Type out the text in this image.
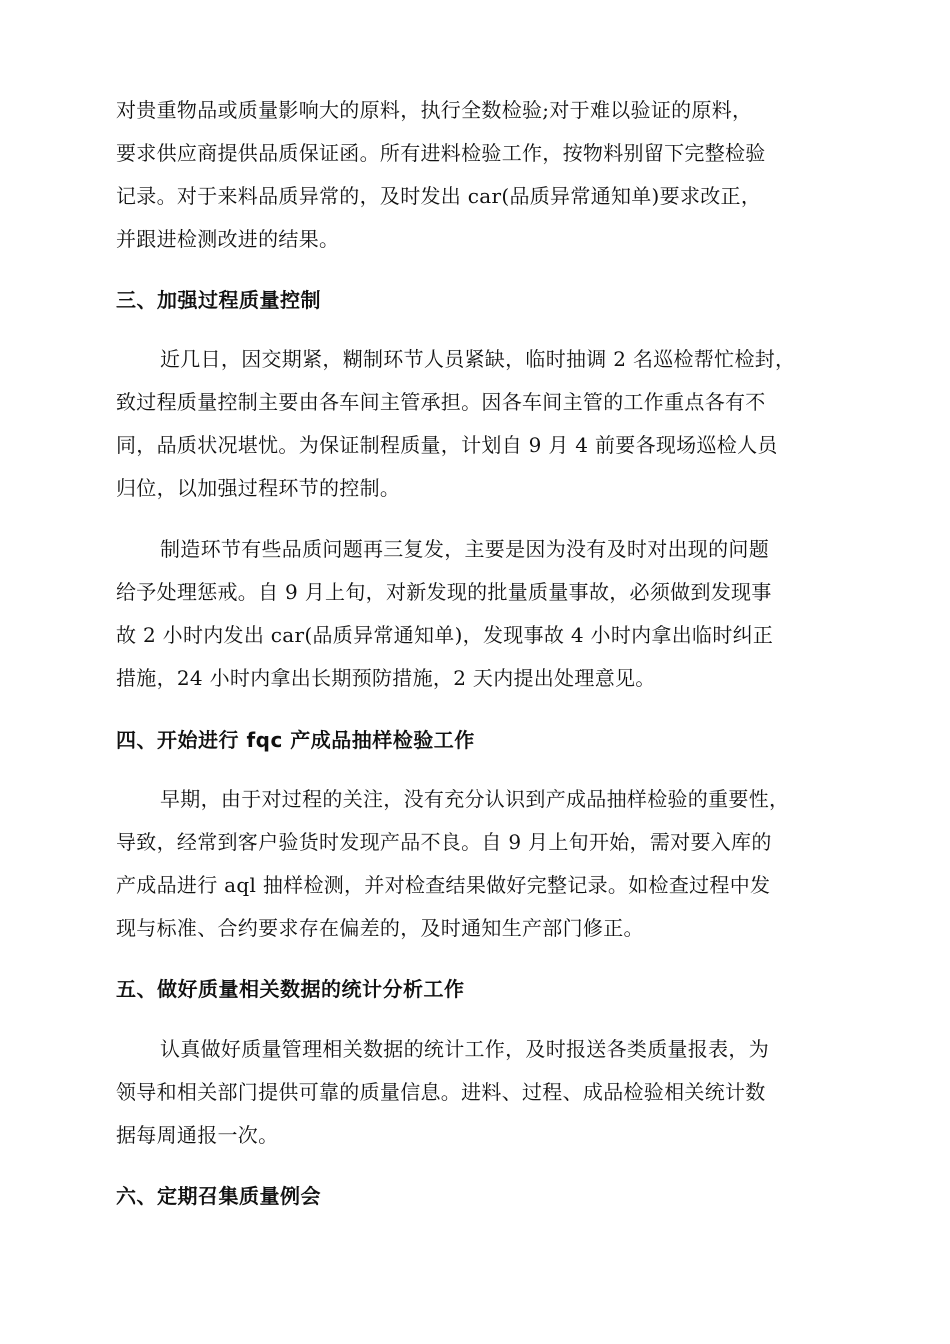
对贵重物品或质量影响大的原料，执行全数检验;对于难以验证的原料，
要求供应商提供品质保证函。所有进料检验工作，按物料别留下完整检验
记录。对于来料品质异常的，及时发出 car(品质异常通知单)要求改正，
并跟进检测改进的结果。
三、加强过程质量控制
近几日，因交期紧，糊制环节人员紧缺，临时抽调 2 名巡检帮忙检封，
致过程质量控制主要由各车间主管承担。因各车间主管的工作重点各有不
同，品质状况堪忧。为保证制程质量，计划自 9 月 4 前要各现场巡检人员
归位，以加强过程环节的控制。
制造环节有些品质问题再三复发，主要是因为没有及时对出现的问题
给予处理惩戒。自 9 月上旬，对新发现的批量质量事故，必须做到发现事
故 2 小时内发出 car(品质异常通知单)，发现事故 4 小时内拿出临时纠正
措施，24 小时内拿出长期预防措施，2 天内提出处理意见。
四、开始进行 fqc 产成品抽样检验工作
早期，由于对过程的关注，没有充分认识到产成品抽样检验的重要性，
导致，经常到客户验货时发现产品不良。自 9 月上旬开始，需对要入库的
产成品进行 aql 抽样检测，并对检查结果做好完整记录。如检查过程中发
现与标准、合约要求存在偏差的，及时通知生产部门修正。
五、做好质量相关数据的统计分析工作
认真做好质量管理相关数据的统计工作，及时报送各类质量报表，为
领导和相关部门提供可靠的质量信息。进料、过程、成品检验相关统计数
据每周通报一次。
六、定期召集质量例会
